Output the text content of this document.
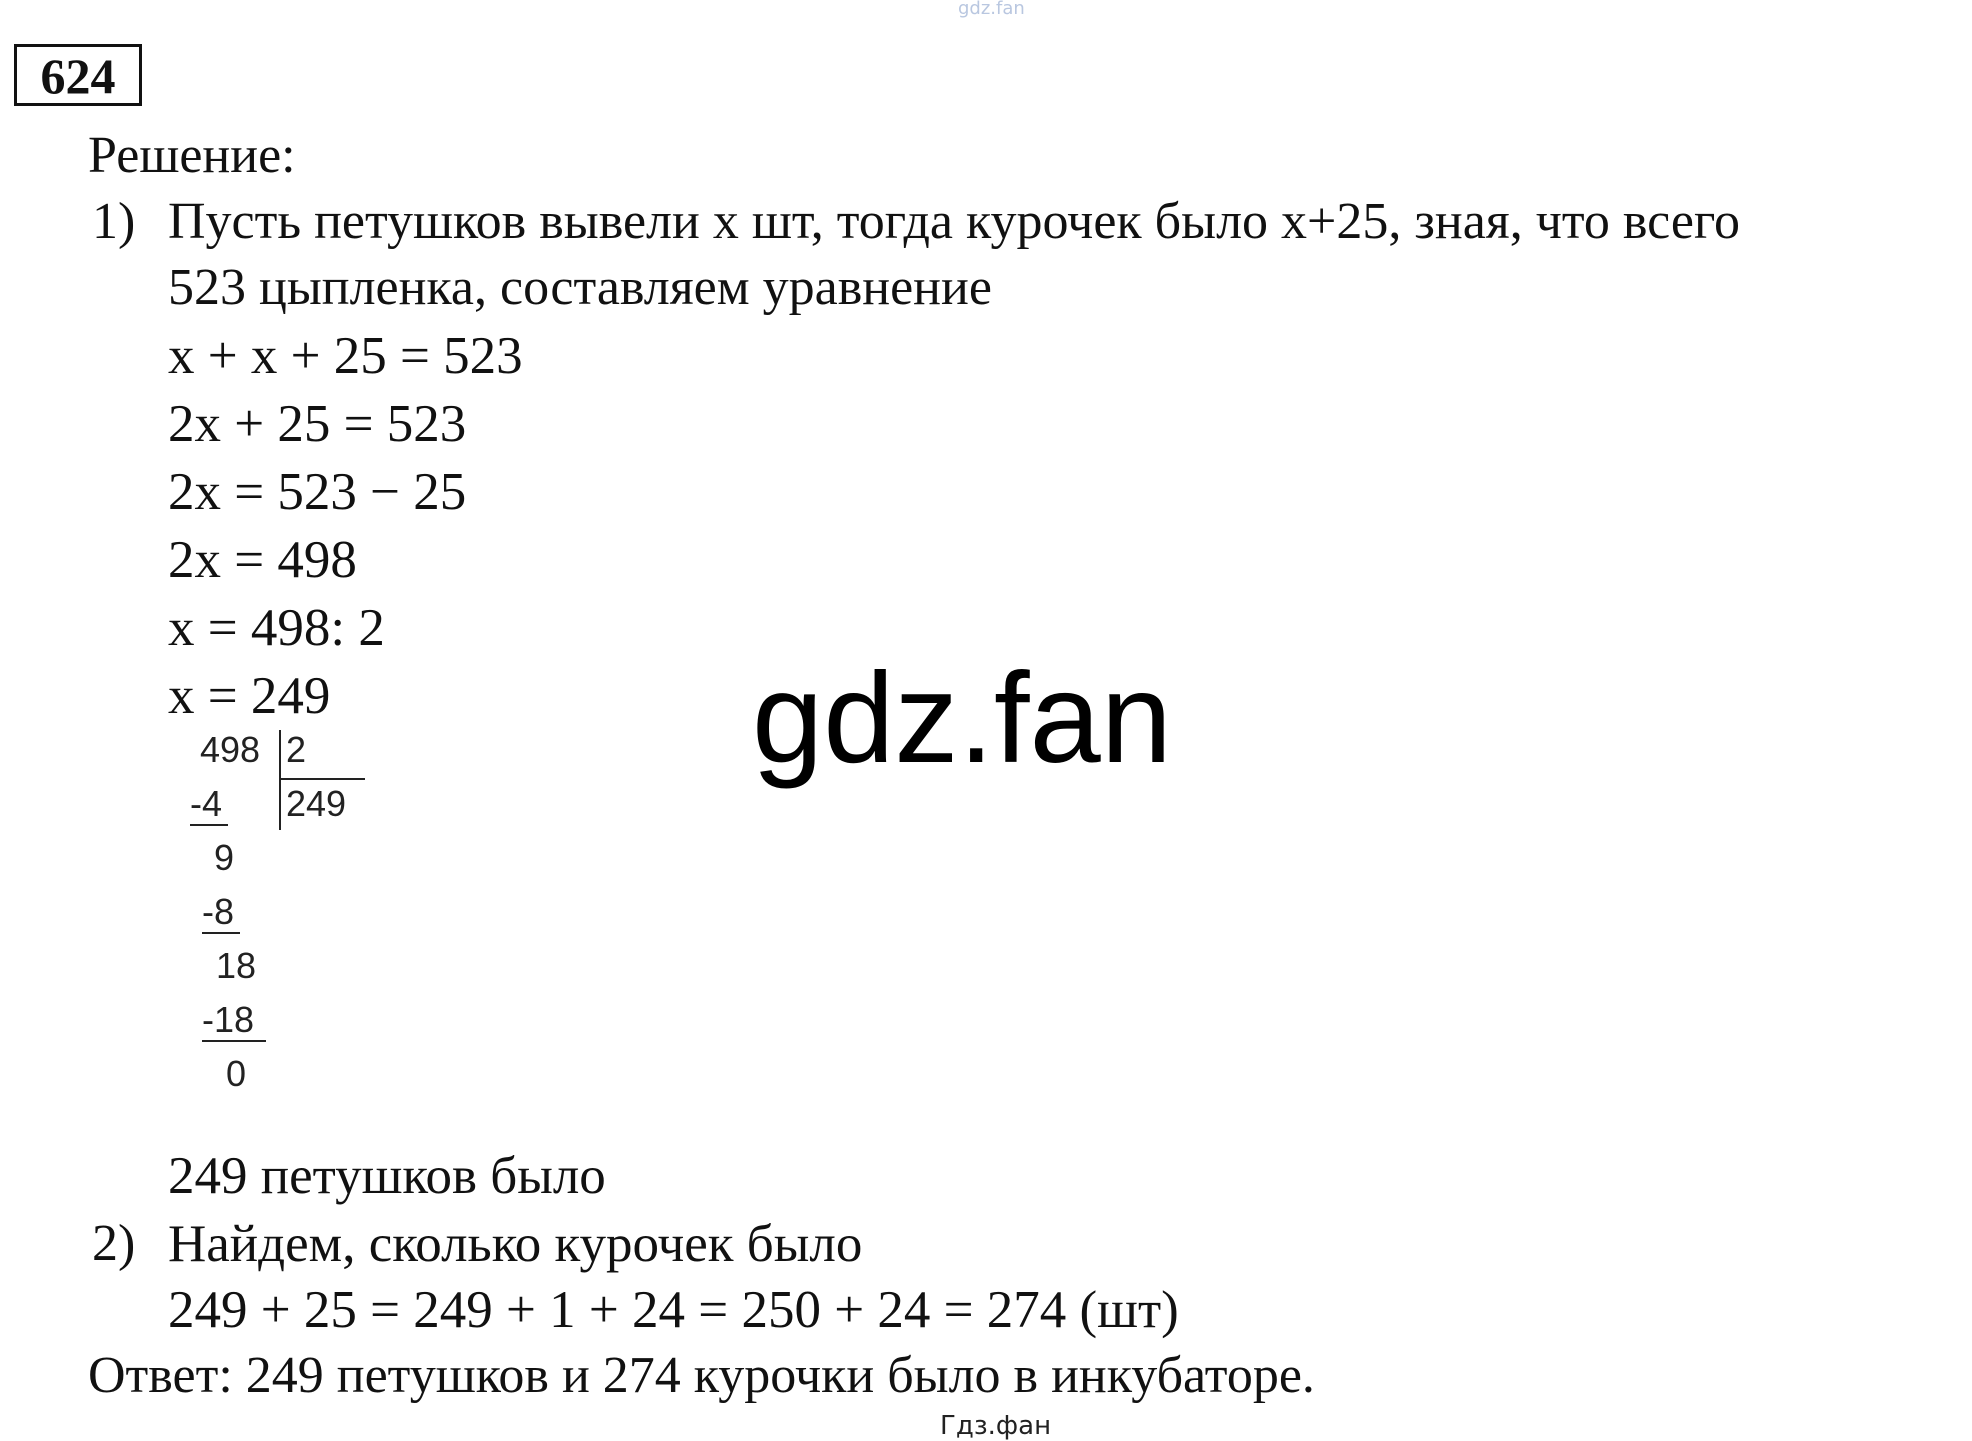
gdz.fan
624
Решение:
1) Пусть петушков вывели х шт, тогда курочек было х+25, зная, что всего
523 цыпленка, составляем уравнение
x + x + 25 = 523
2x + 25 = 523
2x = 523 − 25
2x = 498
x = 498: 2
x = 249
498 2
249
-4
9
-8
18
-18
0
249 петушков было
2) Найдем, сколько курочек было
249 + 25 = 249 + 1 + 24 = 250 + 24 = 274 (шт)
Ответ: 249 петушков и 274 курочки было в инкубаторе.
gdz.fan
Гдз.фан
